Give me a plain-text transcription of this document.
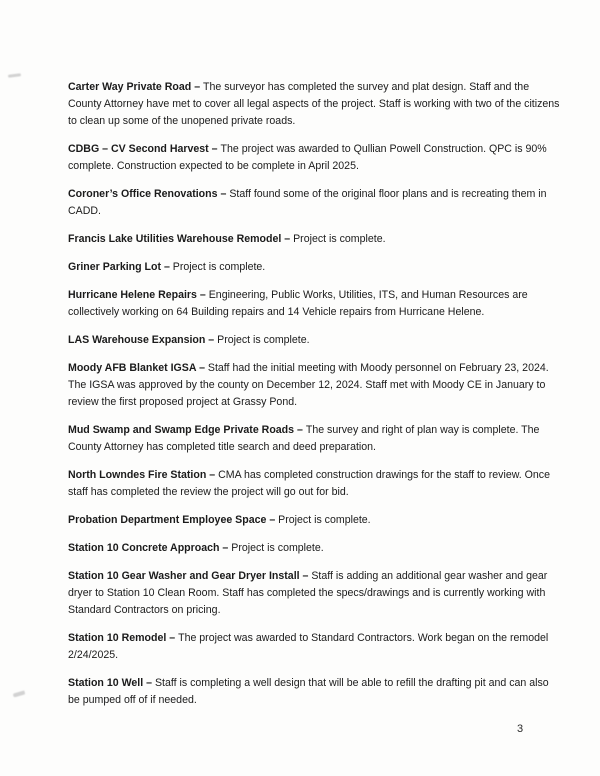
Carter Way Private Road – The surveyor has completed the survey and plat design. Staff and the County Attorney have met to cover all legal aspects of the project. Staff is working with two of the citizens to clean up some of the unopened private roads.

CDBG – CV Second Harvest – The project was awarded to Qullian Powell Construction. QPC is 90% complete. Construction expected to be complete in April 2025.

Coroner’s Office Renovations – Staff found some of the original floor plans and is recreating them in CADD.

Francis Lake Utilities Warehouse Remodel – Project is complete.

Griner Parking Lot – Project is complete.

Hurricane Helene Repairs – Engineering, Public Works, Utilities, ITS, and Human Resources are collectively working on 64 Building repairs and 14 Vehicle repairs from Hurricane Helene.

LAS Warehouse Expansion – Project is complete.

Moody AFB Blanket IGSA – Staff had the initial meeting with Moody personnel on February 23, 2024. The IGSA was approved by the county on December 12, 2024. Staff met with Moody CE in January to review the first proposed project at Grassy Pond.

Mud Swamp and Swamp Edge Private Roads – The survey and right of plan way is complete. The County Attorney has completed title search and deed preparation.

North Lowndes Fire Station – CMA has completed construction drawings for the staff to review. Once staff has completed the review the project will go out for bid.

Probation Department Employee Space – Project is complete.

Station 10 Concrete Approach – Project is complete.

Station 10 Gear Washer and Gear Dryer Install – Staff is adding an additional gear washer and gear dryer to Station 10 Clean Room. Staff has completed the specs/drawings and is currently working with Standard Contractors on pricing.

Station 10 Remodel – The project was awarded to Standard Contractors. Work began on the remodel 2/24/2025.

Station 10 Well – Staff is completing a well design that will be able to refill the drafting pit and can also be pumped off of if needed.

3
